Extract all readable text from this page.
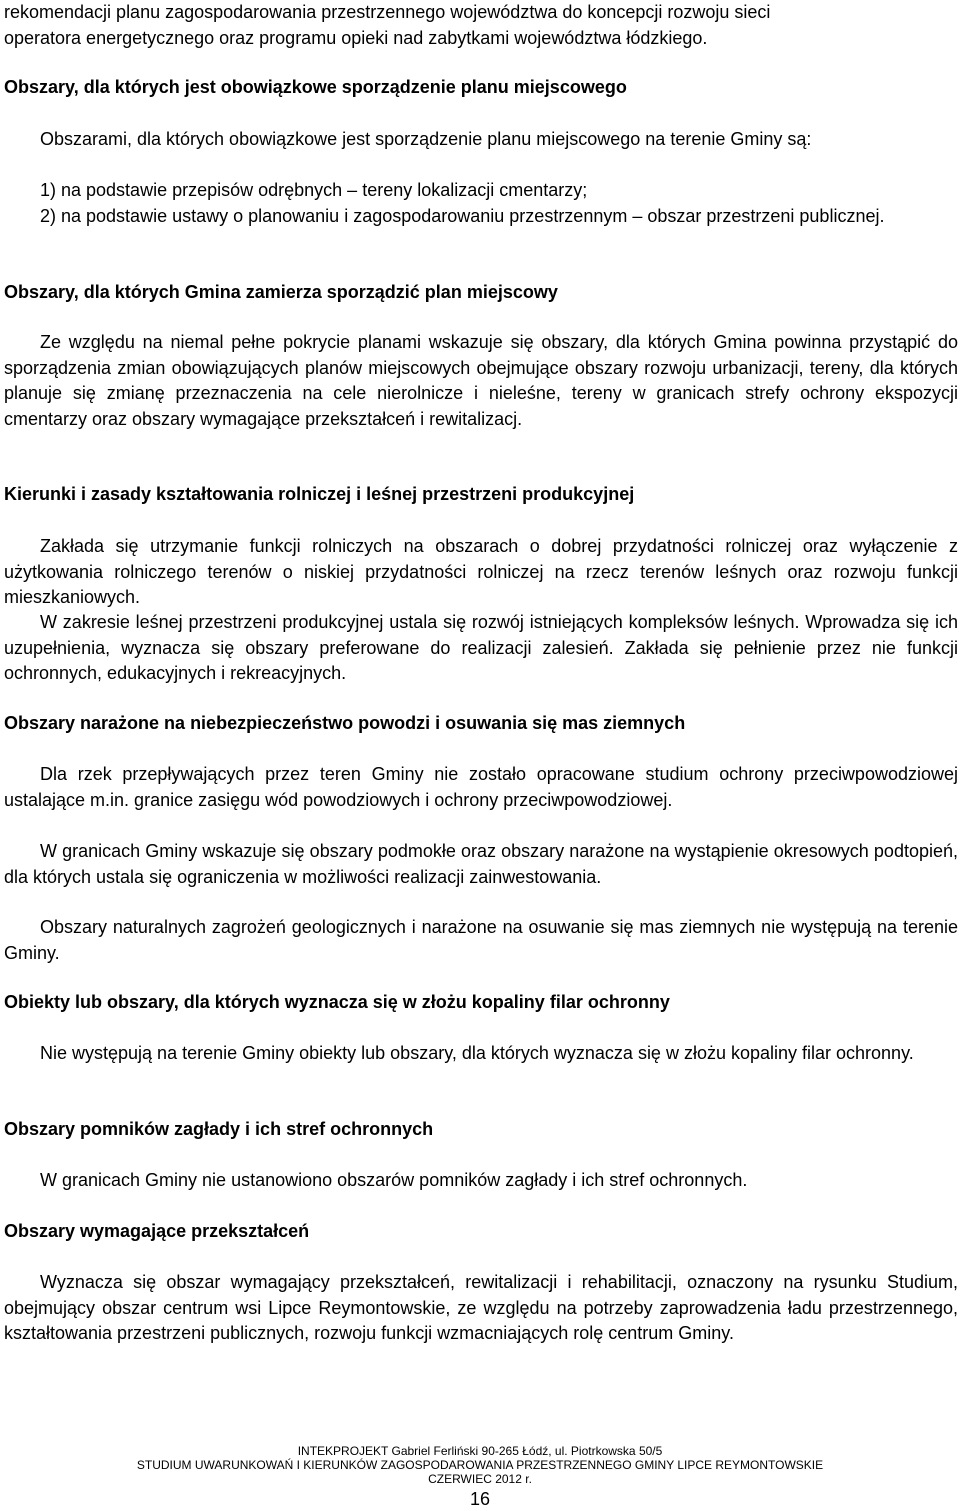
rekomendacji planu zagospodarowania przestrzennego województwa do koncepcji rozwoju sieci

operatora energetycznego oraz programu opieki nad zabytkami województwa łódzkiego.

Obszary, dla których jest obowiązkowe sporządzenie planu miejscowego

Obszarami, dla których obowiązkowe jest sporządzenie planu miejscowego na terenie Gminy są:

1) na podstawie przepisów odrębnych – tereny lokalizacji cmentarzy;
2) na podstawie ustawy o planowaniu i zagospodarowaniu przestrzennym – obszar przestrzeni publicznej.

Obszary, dla których Gmina zamierza sporządzić plan miejscowy

Ze względu na niemal pełne pokrycie planami wskazuje się obszary, dla których Gmina powinna przystąpić do sporządzenia zmian obowiązujących planów miejscowych obejmujące obszary rozwoju urbanizacji, tereny, dla których planuje się zmianę przeznaczenia na cele nierolnicze i nieleśne, tereny w granicach strefy ochrony ekspozycji cmentarzy oraz obszary wymagające przekształceń i rewitalizacj.

Kierunki i zasady kształtowania rolniczej i leśnej przestrzeni produkcyjnej

Zakłada się utrzymanie funkcji rolniczych na obszarach o dobrej przydatności rolniczej oraz wyłączenie z użytkowania rolniczego terenów o niskiej przydatności rolniczej na rzecz terenów leśnych oraz rozwoju funkcji mieszkaniowych.

W zakresie leśnej przestrzeni produkcyjnej ustala się rozwój istniejących kompleksów leśnych. Wprowadza się ich uzupełnienia, wyznacza się obszary preferowane do realizacji zalesień. Zakłada się pełnienie przez nie funkcji ochronnych, edukacyjnych i rekreacyjnych.

Obszary narażone na niebezpieczeństwo powodzi i osuwania się mas ziemnych

Dla rzek przepływających przez teren Gminy nie zostało opracowane studium ochrony przeciwpowodziowej ustalające m.in. granice zasięgu wód powodziowych i ochrony przeciwpowodziowej.

W granicach Gminy wskazuje się obszary podmokłe oraz obszary narażone na wystąpienie okresowych podtopień, dla których ustala się ograniczenia w możliwości realizacji zainwestowania.

Obszary naturalnych zagrożeń geologicznych i narażone na osuwanie się mas ziemnych nie występują na terenie Gminy.

Obiekty lub obszary, dla których wyznacza się w złożu kopaliny filar ochronny

Nie występują na terenie Gminy obiekty lub obszary, dla których wyznacza się w złożu kopaliny filar ochronny.

Obszary pomników zagłady i ich stref ochronnych

W granicach Gminy nie ustanowiono obszarów pomników zagłady i ich stref ochronnych.

Obszary wymagające przekształceń

Wyznacza się obszar wymagający przekształceń, rewitalizacji i rehabilitacji, oznaczony na rysunku Studium, obejmujący obszar centrum wsi Lipce Reymontowskie, ze względu na potrzeby zaprowadzenia ładu przestrzennego, kształtowania przestrzeni publicznych, rozwoju funkcji wzmacniających rolę centrum Gminy.

INTEKPROJEKT Gabriel Ferliński 90-265 Łódź, ul. Piotrkowska 50/5
STUDIUM UWARUNKOWAŃ I KIERUNKÓW ZAGOSPODAROWANIA PRZESTRZENNEGO GMINY LIPCE REYMONTOWSKIE
CZERWIEC 2012 r.
16
